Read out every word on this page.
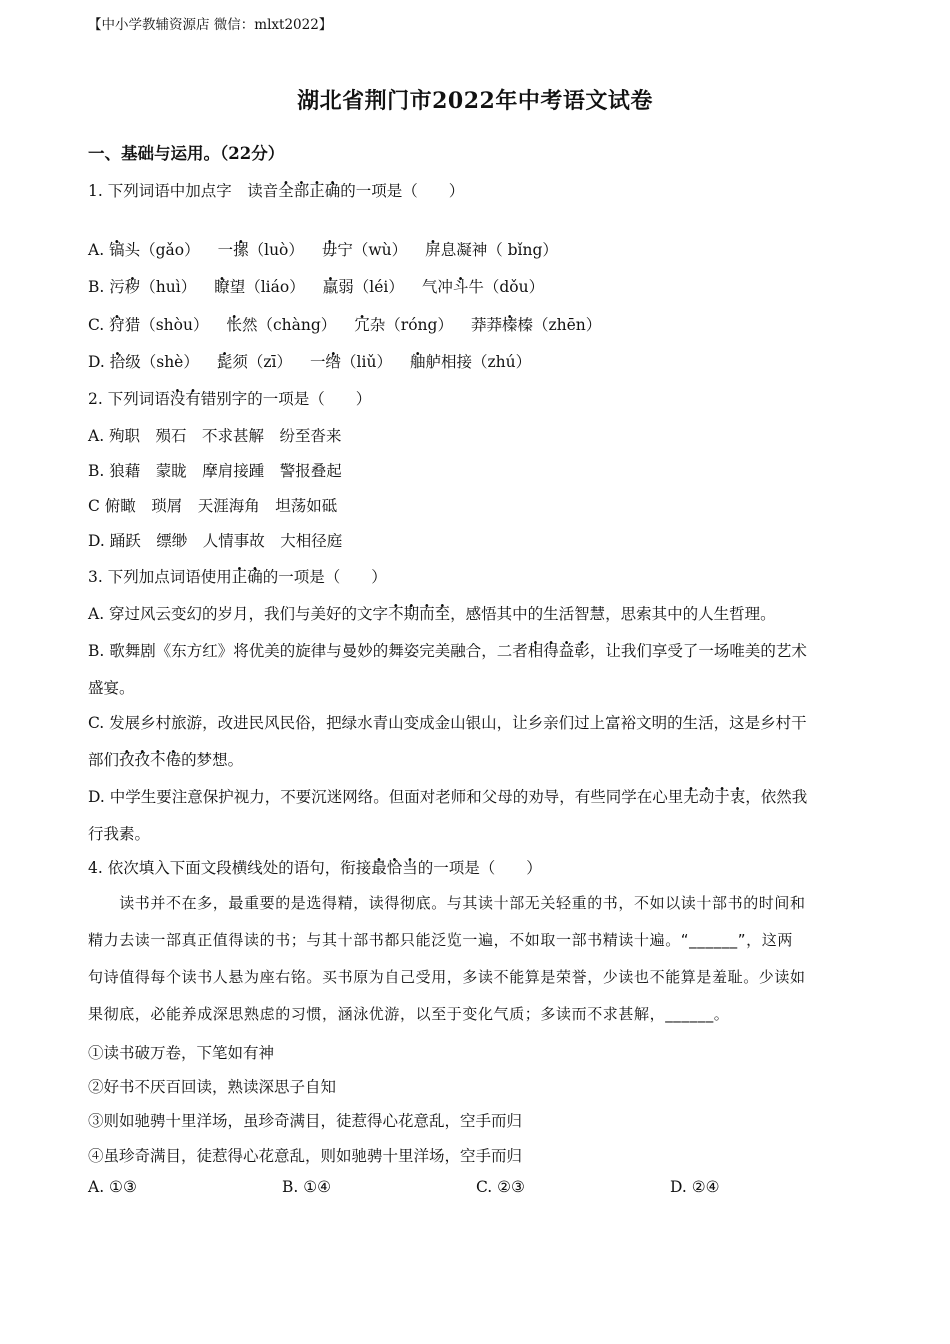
【中小学教辅资源店 微信：mlxt2022】
湖北省荆门市2022年中考语文试卷
一、基础与运用。（22分）
1. 下列词语中加点字　读音全部正确的一项是（　　）
A. 镐头（gǎo） 一摞（luò） 毋宁（wù） 屏息凝神（ bǐng）
B. 污秽（huì） 瞭望（liáo） 羸弱（léi） 气冲斗牛（dǒu）
C. 狩猎（shòu） 怅然（chàng） 冗杂（róng） 莽莽榛榛（zhēn）
D. 拾级（shè） 髭须（zī） 一绺（liǔ） 舳舻相接（zhú）
2. 下列词语没有错别字的一项是（　　）
A. 殉职　殒石　不求甚解　纷至沓来
B. 狼藉　蒙眬　摩肩接踵　警报叠起
C 俯瞰　琐屑　天涯海角　坦荡如砥
D. 踊跃　缥缈　人情事故　大相径庭
3. 下列加点词语使用正确的一项是（　　）
A. 穿过风云变幻的岁月，我们与美好的文字不期而至，感悟其中的生活智慧，思索其中的人生哲理。
B. 歌舞剧《东方红》将优美的旋律与曼妙的舞姿完美融合，二者相得益彰，让我们享受了一场唯美的艺术
盛宴。
C. 发展乡村旅游，改进民风民俗，把绿水青山变成金山银山，让乡亲们过上富裕文明的生活，这是乡村干
部们孜孜不倦的梦想。
D. 中学生要注意保护视力，不要沉迷网络。但面对老师和父母的劝导，有些同学在心里无动于衷，依然我
行我素。
4. 依次填入下面文段横线处的语句，衔接最恰当的一项是（　　）
　　读书并不在多，最重要的是选得精，读得彻底。与其读十部无关轻重的书，不如以读十部书的时间和
精力去读一部真正值得读的书；与其十部书都只能泛览一遍，不如取一部书精读十遍。“______”，这两
句诗值得每个读书人悬为座右铭。买书原为自己受用，多读不能算是荣誉，少读也不能算是羞耻。少读如
果彻底，必能养成深思熟虑的习惯，涵泳优游，以至于变化气质；多读而不求甚解，______。
①读书破万卷，下笔如有神
②好书不厌百回读，熟读深思子自知
③则如驰骋十里洋场，虽珍奇满目，徒惹得心花意乱，空手而归
④虽珍奇满目，徒惹得心花意乱，则如驰骋十里洋场，空手而归
A. ①③	B. ①④	C. ②③	D. ②④
